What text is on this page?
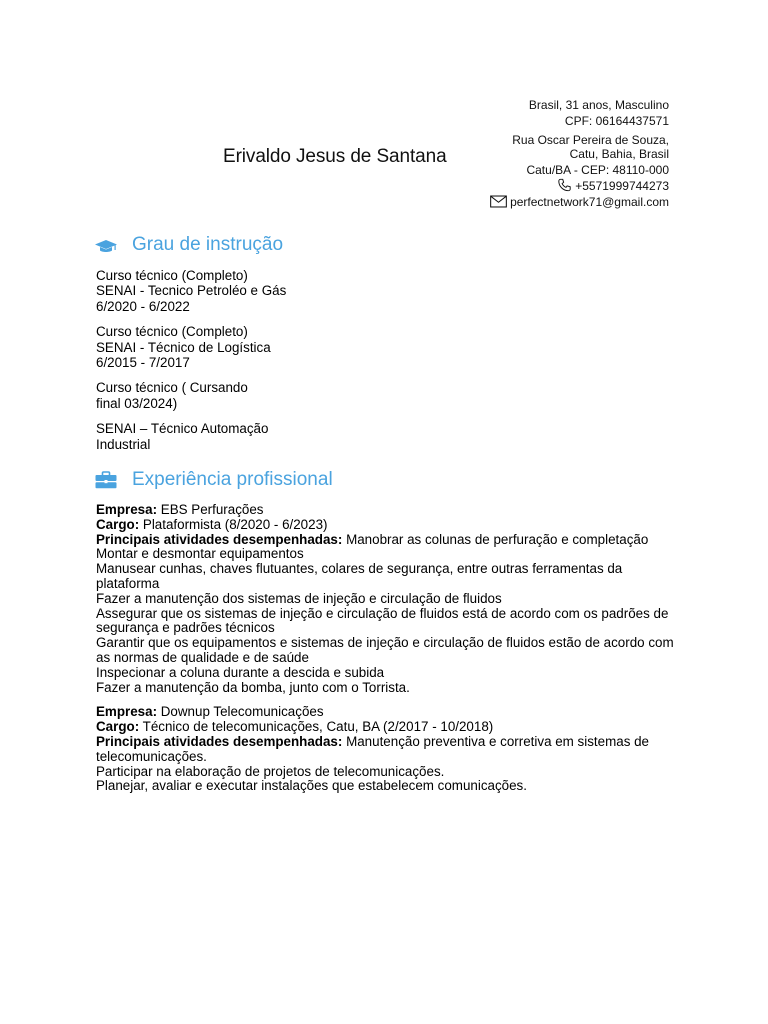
Erivaldo Jesus de Santana
Brasil, 31 anos, Masculino
CPF: 06164437571
Rua Oscar Pereira de Souza,
Catu, Bahia, Brasil
Catu/BA - CEP: 48110-000
+5571999744273
perfectnetwork71@gmail.com
Grau de instrução
Curso técnico (Completo)
SENAI - Tecnico Petroléo e Gás
6/2020 - 6/2022
Curso técnico (Completo)
SENAI - Técnico de Logística
6/2015 - 7/2017
Curso técnico ( Cursando
final 03/2024)
SENAI – Técnico Automação
Industrial
Experiência profissional
Empresa: EBS Perfurações
Cargo: Plataformista (8/2020 - 6/2023)
Principais atividades desempenhadas: Manobrar as colunas de perfuração e completação
Montar e desmontar equipamentos
Manusear cunhas, chaves flutuantes, colares de segurança, entre outras ferramentas da plataforma
Fazer a manutenção dos sistemas de injeção e circulação de fluidos
Assegurar que os sistemas de injeção e circulação de fluidos está de acordo com os padrões de segurança e padrões técnicos
Garantir que os equipamentos e sistemas de injeção e circulação de fluidos estão de acordo com as normas de qualidade e de saúde
Inspecionar a coluna durante a descida e subida
Fazer a manutenção da bomba, junto com o Torrista.
Empresa: Downup Telecomunicações
Cargo: Técnico de telecomunicações, Catu, BA (2/2017 - 10/2018)
Principais atividades desempenhadas: Manutenção preventiva e corretiva em sistemas de telecomunicações.
Participar na elaboração de projetos de telecomunicações.
Planejar, avaliar e executar instalações que estabelecem comunicações.
